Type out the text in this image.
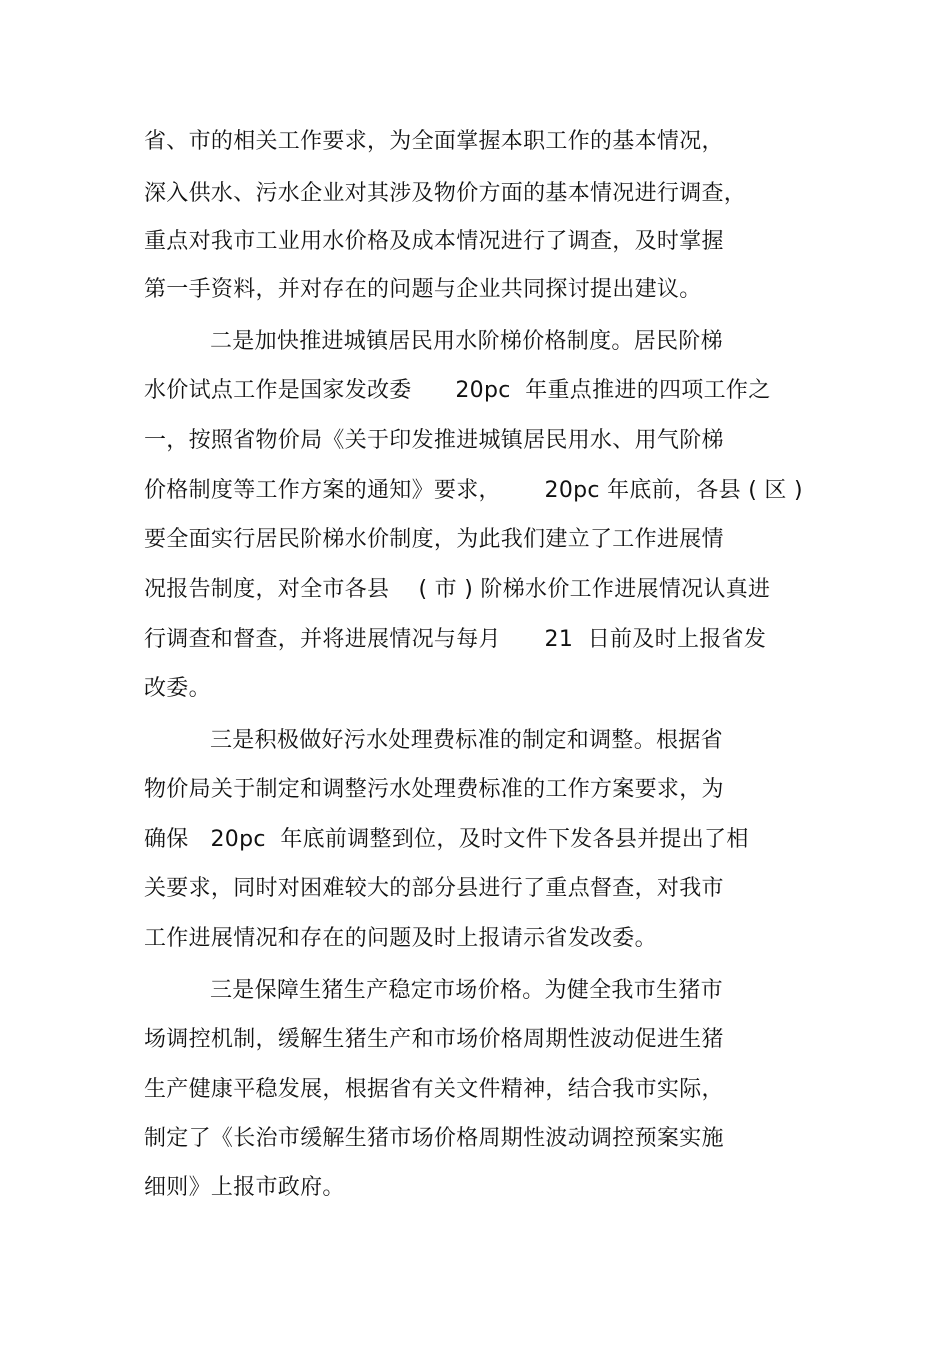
省、市的相关工作要求，为全面掌握本职工作的基本情况，
深入供水、污水企业对其涉及物价方面的基本情况进行调查，
重点对我市工业用水价格及成本情况进行了调查，及时掌握
第一手资料，并对存在的问题与企业共同探讨提出建议。
二是加快推进城镇居民用水阶梯价格制度。居民阶梯
水价试点工作是国家发改委      20pc  年重点推进的四项工作之
一，按照省物价局《关于印发推进城镇居民用水、用气阶梯
价格制度等工作方案的通知》要求，      20pc 年底前，各县 ( 区 )
要全面实行居民阶梯水价制度，为此我们建立了工作进展情
况报告制度，对全市各县    ( 市 ) 阶梯水价工作进展情况认真进
行调查和督查，并将进展情况与每月      21  日前及时上报省发
改委。
三是积极做好污水处理费标准的制定和调整。根据省
物价局关于制定和调整污水处理费标准的工作方案要求，为
确保   20pc  年底前调整到位，及时文件下发各县并提出了相
关要求，同时对困难较大的部分县进行了重点督查，对我市
工作进展情况和存在的问题及时上报请示省发改委。
三是保障生猪生产稳定市场价格。为健全我市生猪市
场调控机制，缓解生猪生产和市场价格周期性波动促进生猪
生产健康平稳发展，根据省有关文件精神，结合我市实际，
制定了《长治市缓解生猪市场价格周期性波动调控预案实施
细则》上报市政府。
